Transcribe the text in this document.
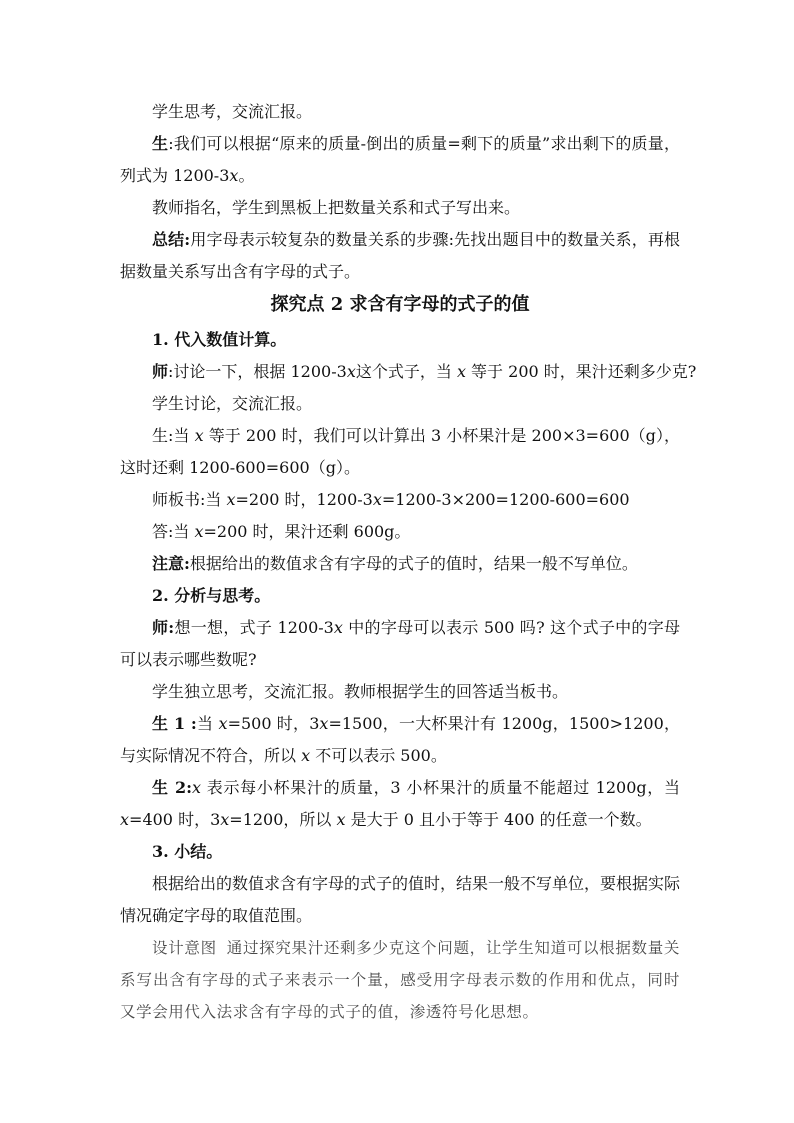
学生思考，交流汇报。
生:我们可以根据“原来的质量-倒出的质量=剩下的质量”求出剩下的质量，列式为 1200-3x。
教师指名，学生到黑板上把数量关系和式子写出来。
总结:用字母表示较复杂的数量关系的步骤:先找出题目中的数量关系，再根据数量关系写出含有字母的式子。
探究点 2 求含有字母的式子的值
1. 代入数值计算。
师:讨论一下，根据 1200-3x这个式子，当 x 等于 200 时，果汁还剩多少克?
学生讨论，交流汇报。
生:当 x 等于 200 时，我们可以计算出 3 小杯果汁是 200×3=600（g），这时还剩 1200-600=600（g）。
师板书:当 x=200 时，1200-3x=1200-3×200=1200-600=600
答:当 x=200 时，果汁还剩 600g。
注意:根据给出的数值求含有字母的式子的值时，结果一般不写单位。
2. 分析与思考。
师:想一想，式子 1200-3x 中的字母可以表示 500 吗? 这个式子中的字母可以表示哪些数呢?
学生独立思考，交流汇报。教师根据学生的回答适当板书。
生 1 :当 x=500 时，3x=1500，一大杯果汁有 1200g，1500>1200，与实际情况不符合，所以 x 不可以表示 500。
生 2:x 表示每小杯果汁的质量，3 小杯果汁的质量不能超过 1200g，当 x=400 时，3x=1200，所以 x 是大于 0 且小于等于 400 的任意一个数。
3. 小结。
根据给出的数值求含有字母的式子的值时，结果一般不写单位，要根据实际情况确定字母的取值范围。
设计意图 通过探究果汁还剩多少克这个问题，让学生知道可以根据数量关系写出含有字母的式子来表示一个量，感受用字母表示数的作用和优点，同时又学会用代入法求含有字母的式子的值，渗透符号化思想。
